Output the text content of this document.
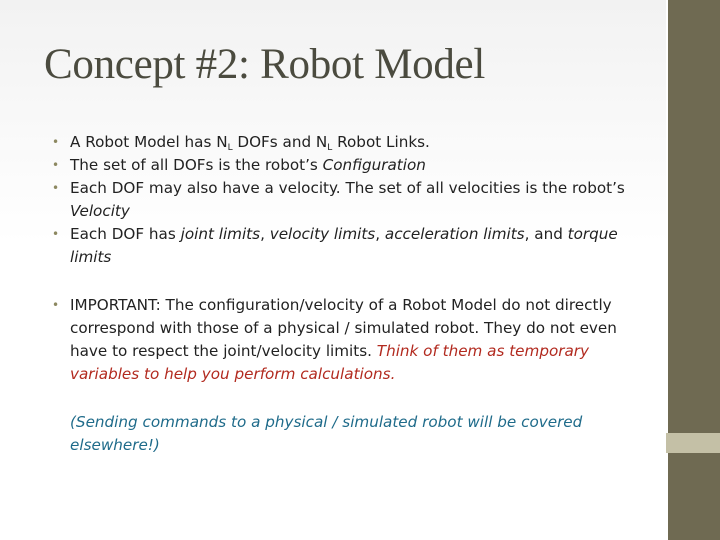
Concept #2: Robot Model
• A Robot Model has $N_L$ DOFs and $N_L$ Robot Links.
• The set of all DOFs is the robot’s Configuration
• Each DOF may also have a velocity. The set of all velocities is the robot’s Velocity
• Each DOF has joint limits, velocity limits, acceleration limits, and torque limits
• IMPORTANT: The configuration/velocity of a Robot Model do not directly correspond with those of a physical / simulated robot. They do not even have to respect the joint/velocity limits. Think of them as temporary variables to help you perform calculations.
(Sending commands to a physical / simulated robot will be covered elsewhere!)
